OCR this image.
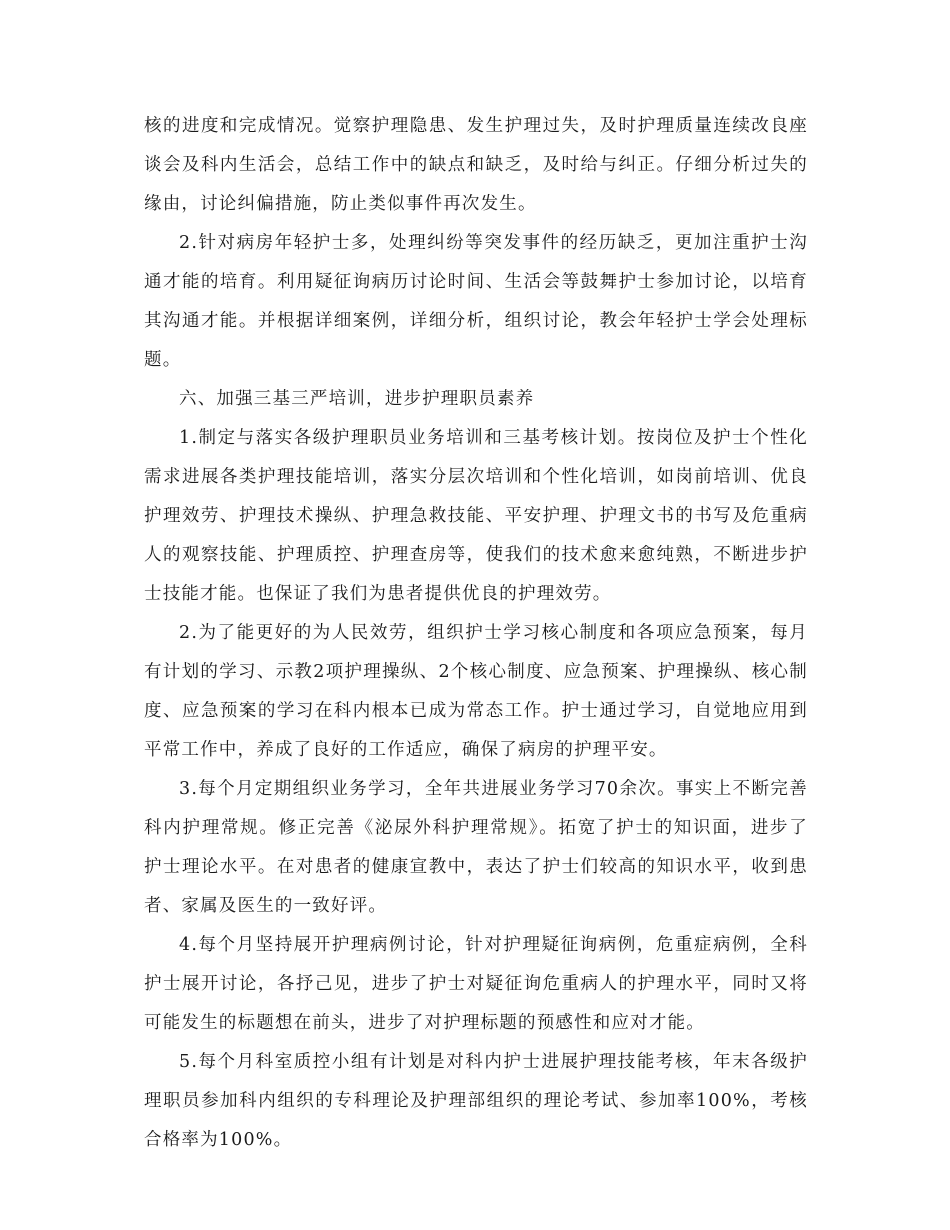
核的进度和完成情况。觉察护理隐患、发生护理过失，及时护理质量连续改良座谈会及科内生活会，总结工作中的缺点和缺乏，及时给与纠正。仔细分析过失的缘由，讨论纠偏措施，防止类似事件再次发生。

2.针对病房年轻护士多，处理纠纷等突发事件的经历缺乏，更加注重护士沟通才能的培育。利用疑征询病历讨论时间、生活会等鼓舞护士参加讨论，以培育其沟通才能。并根据详细案例，详细分析，组织讨论，教会年轻护士学会处理标题。

六、加强三基三严培训，进步护理职员素养

1.制定与落实各级护理职员业务培训和三基考核计划。按岗位及护士个性化需求进展各类护理技能培训，落实分层次培训和个性化培训，如岗前培训、优良护理效劳、护理技术操纵、护理急救技能、平安护理、护理文书的书写及危重病人的观察技能、护理质控、护理查房等，使我们的技术愈来愈纯熟，不断进步护士技能才能。也保证了我们为患者提供优良的护理效劳。

2.为了能更好的为人民效劳，组织护士学习核心制度和各项应急预案，每月有计划的学习、示教2项护理操纵、2个核心制度、应急预案、护理操纵、核心制度、应急预案的学习在科内根本已成为常态工作。护士通过学习，自觉地应用到平常工作中，养成了良好的工作适应，确保了病房的护理平安。

3.每个月定期组织业务学习，全年共进展业务学习70余次。事实上不断完善科内护理常规。修正完善《泌尿外科护理常规》。拓宽了护士的知识面，进步了护士理论水平。在对患者的健康宣教中，表达了护士们较高的知识水平，收到患者、家属及医生的一致好评。

4.每个月坚持展开护理病例讨论，针对护理疑征询病例，危重症病例，全科护士展开讨论，各抒己见，进步了护士对疑征询危重病人的护理水平，同时又将可能发生的标题想在前头，进步了对护理标题的预感性和应对才能。

5.每个月科室质控小组有计划是对科内护士进展护理技能考核，年末各级护理职员参加科内组织的专科理论及护理部组织的理论考试、参加率100%，考核合格率为100%。
